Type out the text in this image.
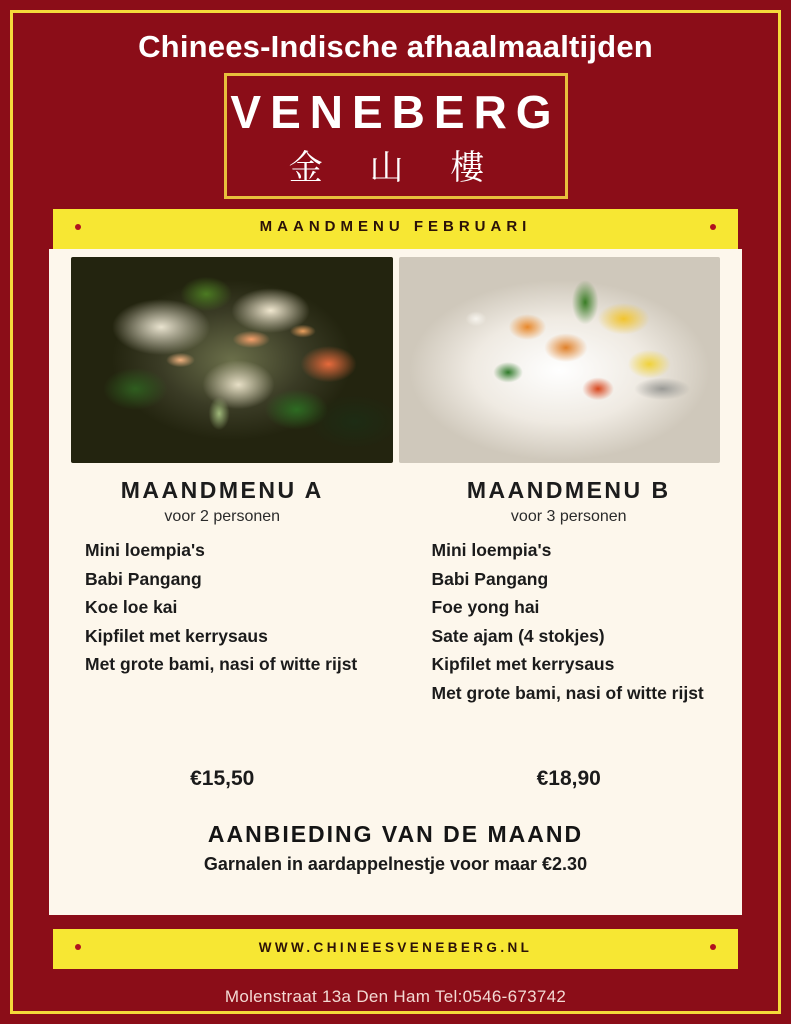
Chinees-Indische afhaalmaaltijden
VENEBERG
金 山 樓
MAANDMENU FEBRUARI
MAANDMENU A
voor 2 personen
Mini loempia's
Babi Pangang
Koe loe kai
Kipfilet met kerrysaus
Met grote bami, nasi of witte rijst
MAANDMENU B
voor 3 personen
Mini loempia's
Babi Pangang
Foe yong hai
Sate ajam (4 stokjes)
Kipfilet met kerrysaus
Met grote bami, nasi of witte rijst
€15,50	€18,90
AANBIEDING VAN DE MAAND
Garnalen in aardappelnestje voor maar €2.30
WWW.CHINEESVENEBERG.NL
Molenstraat 13a Den Ham Tel:0546-673742
